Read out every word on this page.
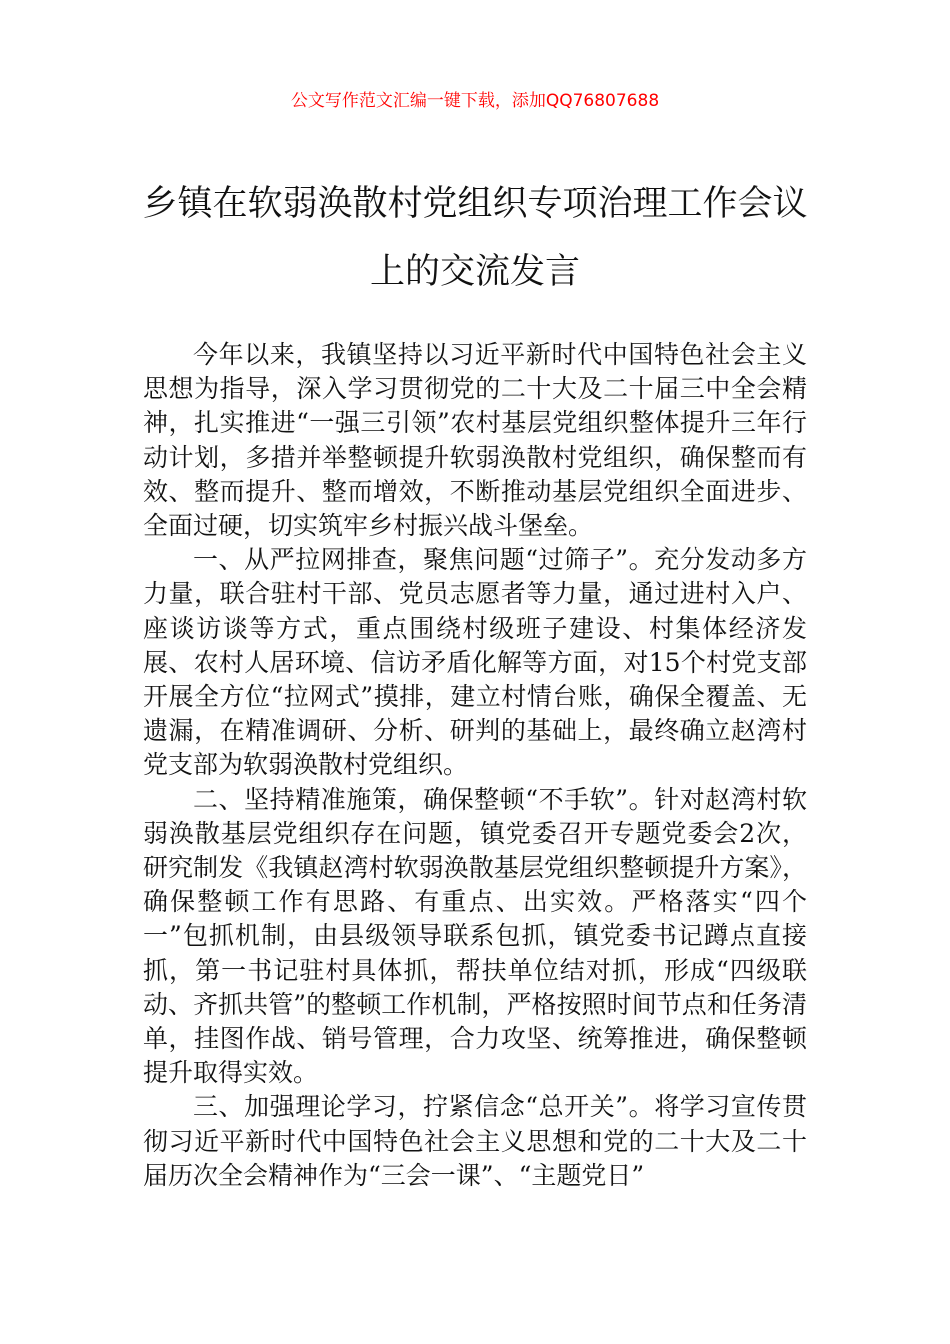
公文写作范文汇编一键下载，添加QQ76807688
乡镇在软弱涣散村党组织专项治理工作会议上的交流发言

今年以来，我镇坚持以习近平新时代中国特色社会主义思想为指导，深入学习贯彻党的二十大及二十届三中全会精神，扎实推进“一强三引领”农村基层党组织整体提升三年行动计划，多措并举整顿提升软弱涣散村党组织，确保整而有效、整而提升、整而增效，不断推动基层党组织全面进步、全面过硬，切实筑牢乡村振兴战斗堡垒。

一、从严拉网排查，聚焦问题“过筛子”。充分发动多方力量，联合驻村干部、党员志愿者等力量，通过进村入户、座谈访谈等方式，重点围绕村级班子建设、村集体经济发展、农村人居环境、信访矛盾化解等方面，对15个村党支部开展全方位“拉网式”摸排，建立村情台账，确保全覆盖、无遗漏，在精准调研、分析、研判的基础上，最终确立赵湾村党支部为软弱涣散村党组织。

二、坚持精准施策，确保整顿“不手软”。针对赵湾村软弱涣散基层党组织存在问题，镇党委召开专题党委会2次，研究制发《我镇赵湾村软弱涣散基层党组织整顿提升方案》，确保整顿工作有思路、有重点、出实效。严格落实“四个一”包抓机制，由县级领导联系包抓，镇党委书记蹲点直接抓，第一书记驻村具体抓，帮扶单位结对抓，形成“四级联动、齐抓共管”的整顿工作机制，严格按照时间节点和任务清单，挂图作战、销号管理，合力攻坚、统筹推进，确保整顿提升取得实效。

三、加强理论学习，拧紧信念“总开关”。将学习宣传贯彻习近平新时代中国特色社会主义思想和党的二十大及二十届历次全会精神作为“三会一课”、“主题党日”
